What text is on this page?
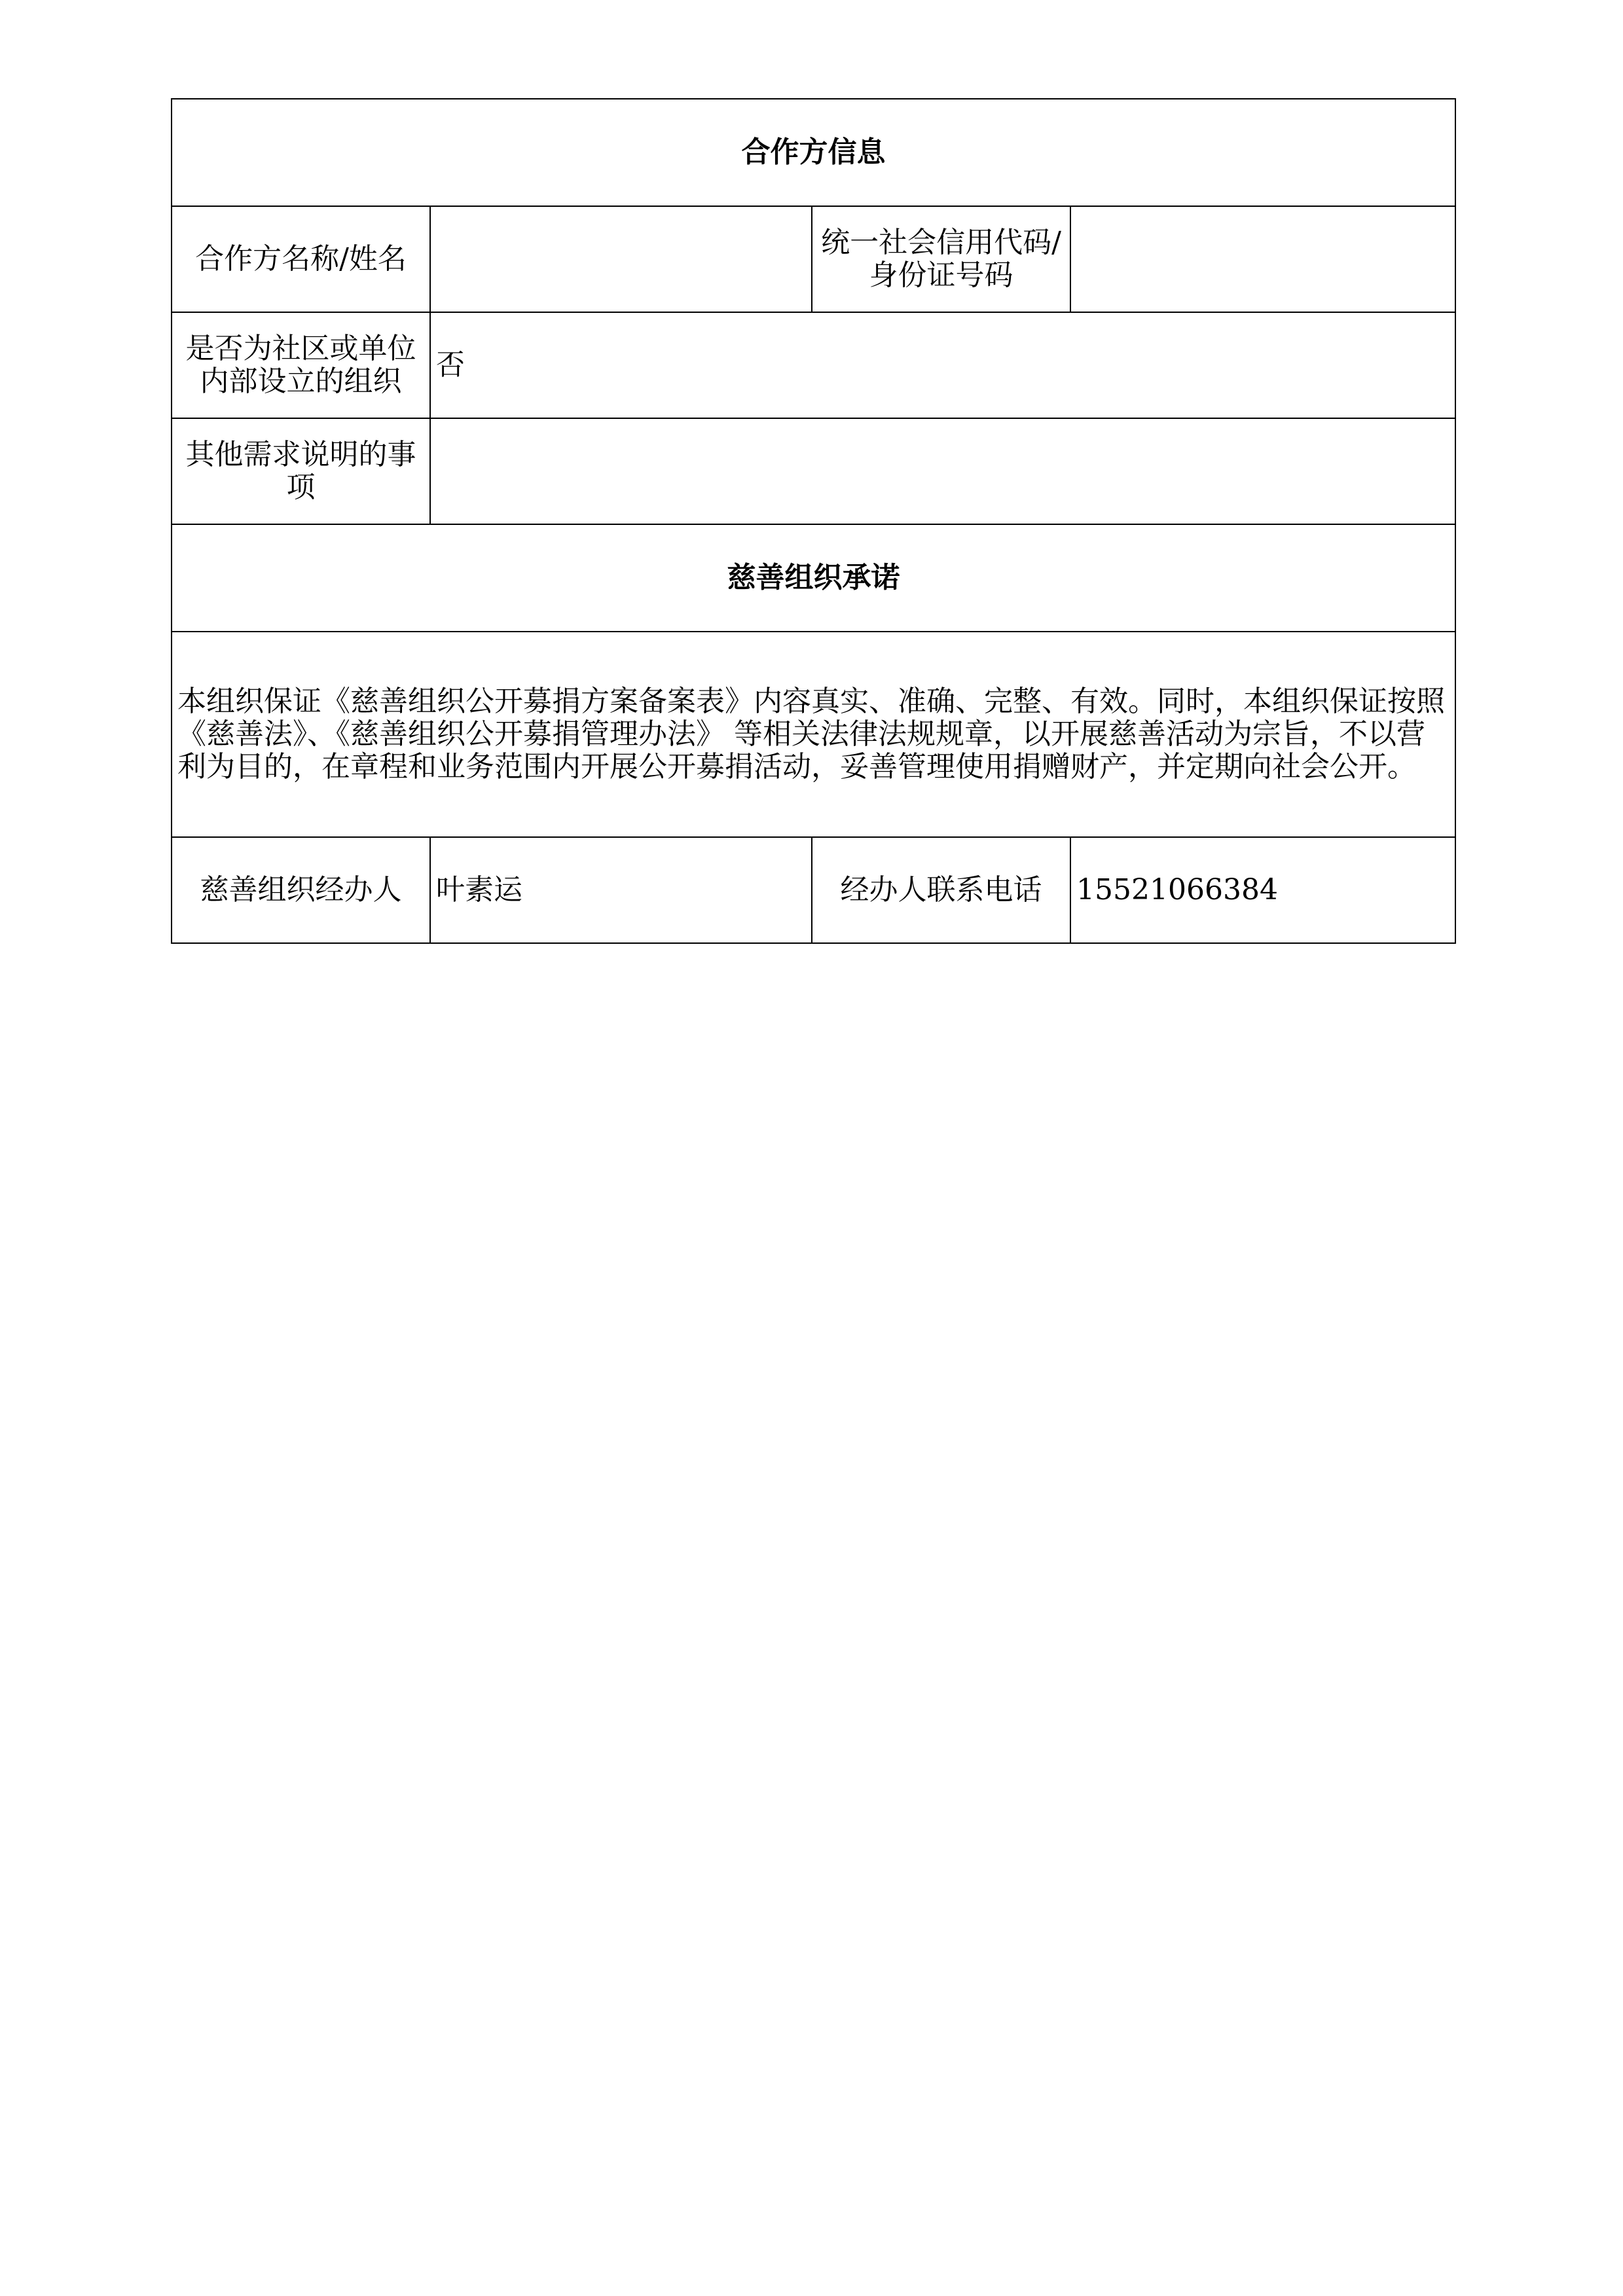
合作方信息			
合作方名称/姓名		统一社会信用代码/身份证号码	
是否为社区或单位内部设立的组织	否		
其他需求说明的事项			
慈善组织承诺			
本组织保证《慈善组织公开募捐方案备案表》内容真实、准确、完整、有效。同时，本组织保证按照《慈善法》、《慈善组织公开募捐管理办法》 等相关法律法规规章，以开展慈善活动为宗旨，不以营利为目的，在章程和业务范围内开展公开募捐活动，妥善管理使用捐赠财产，并定期向社会公开。			
慈善组织经办人	叶素运	经办人联系电话	15521066384
